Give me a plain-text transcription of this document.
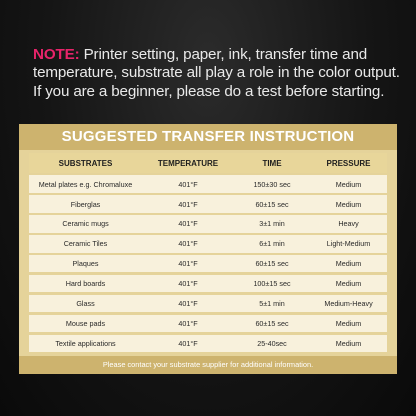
NOTE: Printer setting, paper, ink, transfer time and temperature, substrate all play a role in the color output. If you are a beginner, please do a test before starting.
SUGGESTED TRANSFER INSTRUCTION
SUBSTRATES	TEMPERATURE	TIME	PRESSURE
Metal plates e.g. Chromaluxe	401°F	150±30 sec	Medium
Fiberglas	401°F	60±15 sec	Medium
Ceramic mugs	401°F	3±1 min	Heavy
Ceramic Tiles	401°F	6±1 min	Light-Medium
Plaques	401°F	60±15 sec	Medium
Hard boards	401°F	100±15 sec	Medium
Glass	401°F	5±1 min	Medium-Heavy
Mouse pads	401°F	60±15 sec	Medium
Textile applications	401°F	25-40sec	Medium
Please contact your substrate supplier for additional information.
